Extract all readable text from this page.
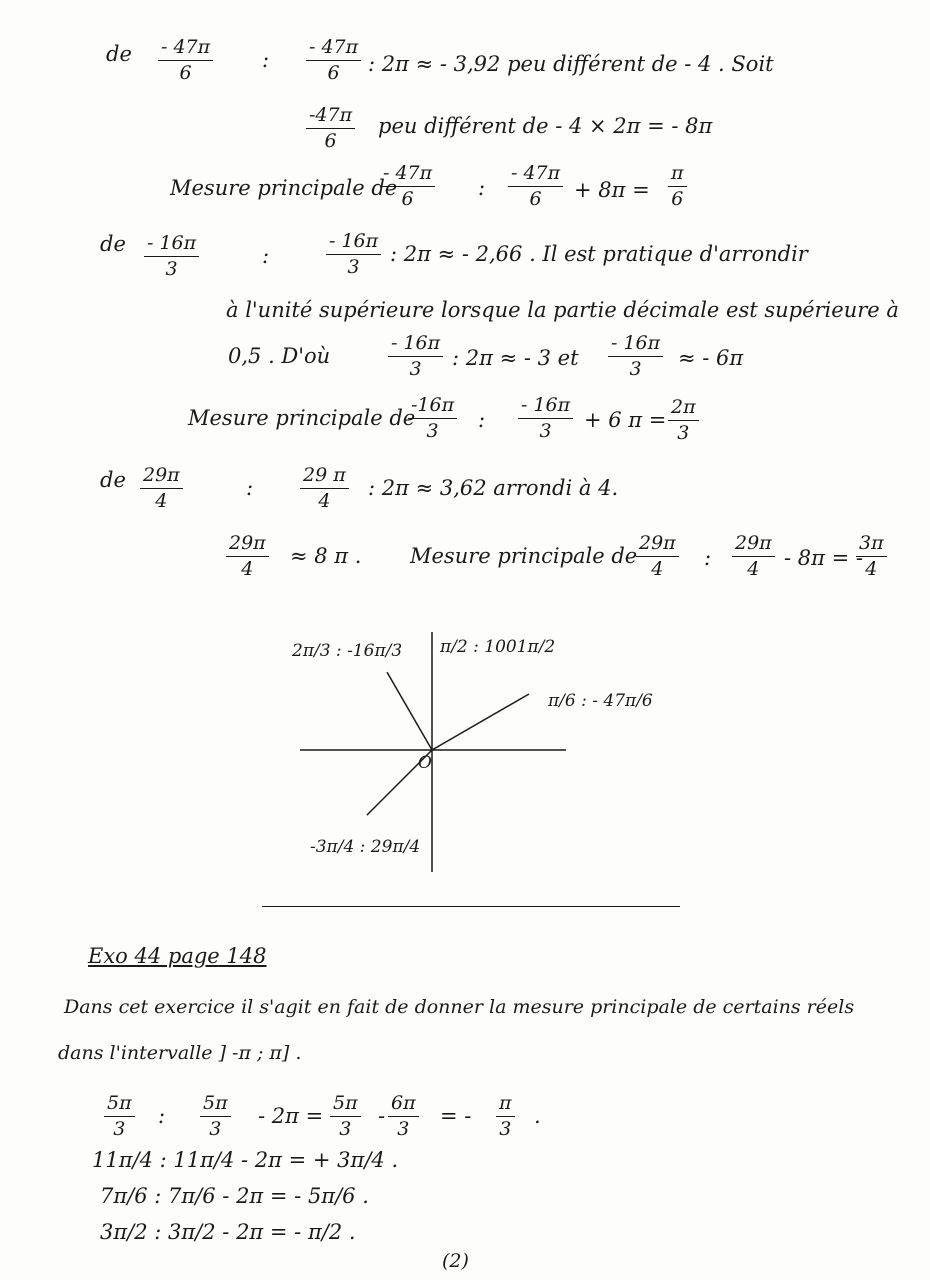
de - 47π
6
:
- 47π
6 : 2π ≈ - 3,92 peu différent de - 4 . Soit
-47π
6
peu différent de - 4 × 2π = - 8π
Mesure principale de
- 47π
6	:
- 47π
6 + 8π =
π
6
de - 16π
3
:
- 16π
3
: 2π ≈ - 2,66 . Il est pratique d'arrondir
à l'unité supérieure lorsque la partie décimale est supérieure à
0,5 . D'où
- 16π
3 : 2π ≈ - 3 et
- 16π
3 ≈ - 6π
Mesure principale de
-16π
3 :
- 16π
3 + 6 π =
2π
3
de 29π
4
:
29 π
4
: 2π ≈ 3,62 arrondi à 4.
29π
4
≈ 8 π . Mesure principale de
29π
4 :
29π
4 - 8π = -
3π
4
O
π/2 : 1001π/2
2π/3 : -16π/3
π/6 : - 47π/6
-3π/4 : 29π/4
Exo 44 page 148
Dans cet exercice il s'agit en fait de donner la mesure principale de certains réels
dans l'intervalle ] -π ; π] .
5π
3
:
5π
3
- 2π =
5π
3
-
6π
3
= -
π
3
.
11π/4 : 11π/4 - 2π = + 3π/4 .
7π/6 : 7π/6 - 2π = - 5π/6 .
3π/2 : 3π/2 - 2π = - π/2 .
(2)
